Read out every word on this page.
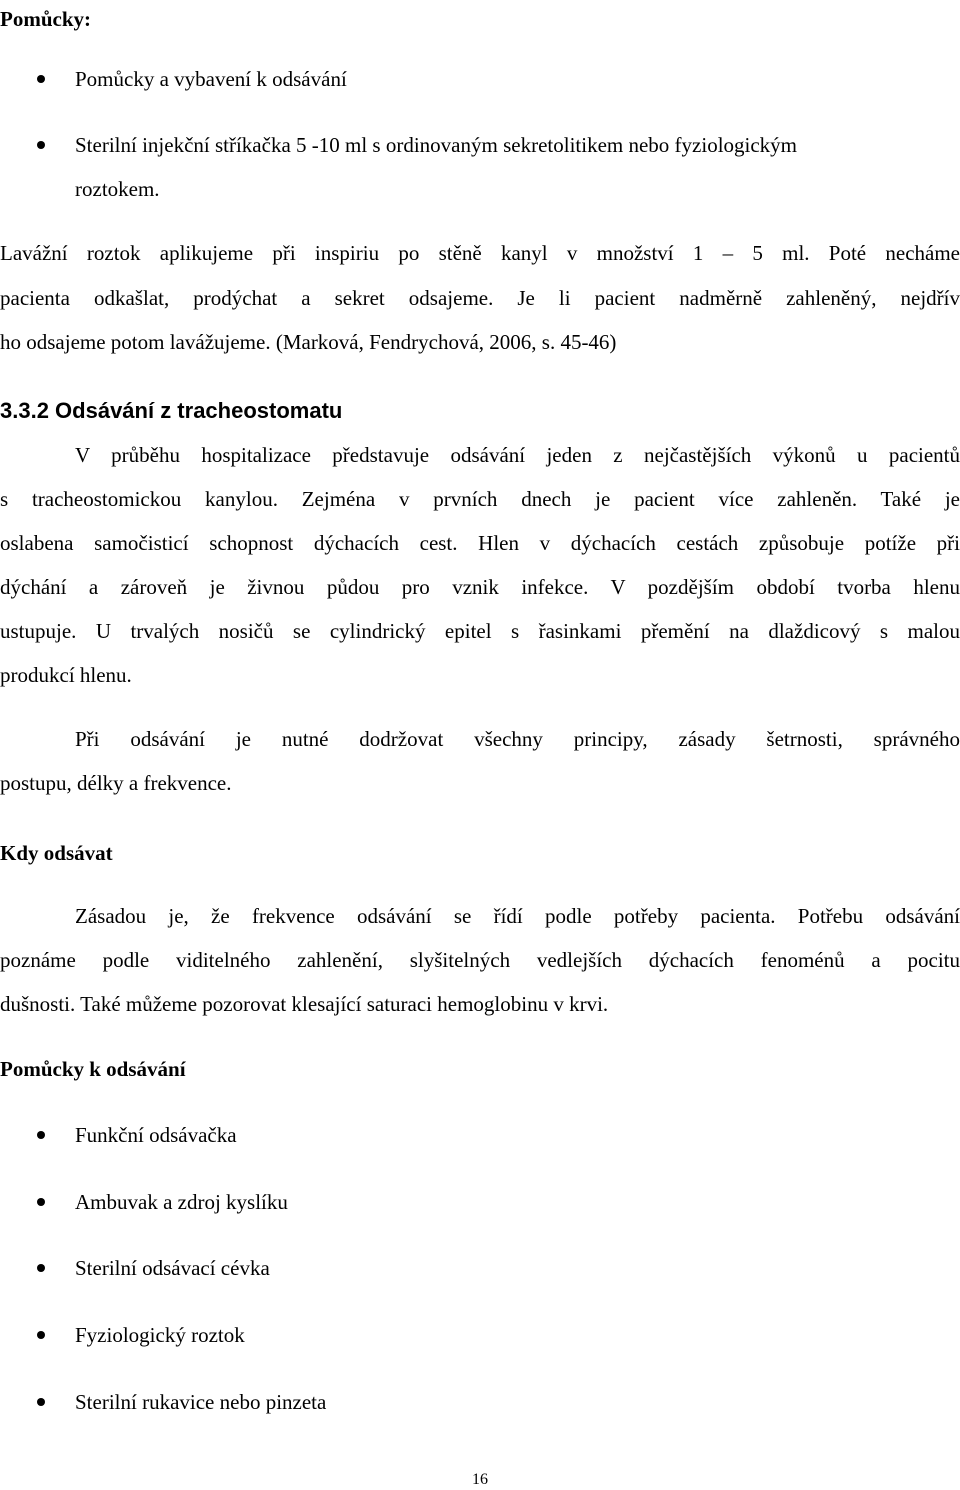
Pomůcky:
Pomůcky a vybavení k odsávání
Sterilní injekční stříkačka 5 -10 ml s ordinovaným sekretolitikem nebo fyziologickým
roztokem.
Lavážní roztok aplikujeme při inspiriu po stěně kanyl v množství 1 – 5 ml. Poté necháme
pacienta odkašlat, prodýchat a sekret odsajeme. Je li pacient nadměrně zahleněný, nejdřív
ho odsajeme potom lavážujeme. (Marková, Fendrychová, 2006, s. 45-46)
3.3.2 Odsávání z tracheostomatu
V průběhu hospitalizace představuje odsávání jeden z nejčastějších výkonů u pacientů
s tracheostomickou kanylou. Zejména v prvních dnech je pacient více zahleněn. Také je
oslabena samočisticí schopnost dýchacích cest. Hlen v dýchacích cestách způsobuje potíže při
dýchání a zároveň je živnou půdou pro vznik infekce. V pozdějším období tvorba hlenu
ustupuje. U trvalých nosičů se cylindrický epitel s řasinkami přemění na dlaždicový s malou
produkcí hlenu.
Při odsávání je nutné dodržovat všechny principy, zásady šetrnosti, správného
postupu, délky a frekvence.
Kdy odsávat
Zásadou je, že frekvence odsávání se řídí podle potřeby pacienta. Potřebu odsávání
poznáme podle viditelného zahlenění, slyšitelných vedlejších dýchacích fenoménů a pocitu
dušnosti. Také můžeme pozorovat klesající saturaci hemoglobinu v krvi.
Pomůcky k odsávání
Funkční odsávačka
Ambuvak a zdroj kyslíku
Sterilní odsávací cévka
Fyziologický roztok
Sterilní rukavice nebo pinzeta
16
